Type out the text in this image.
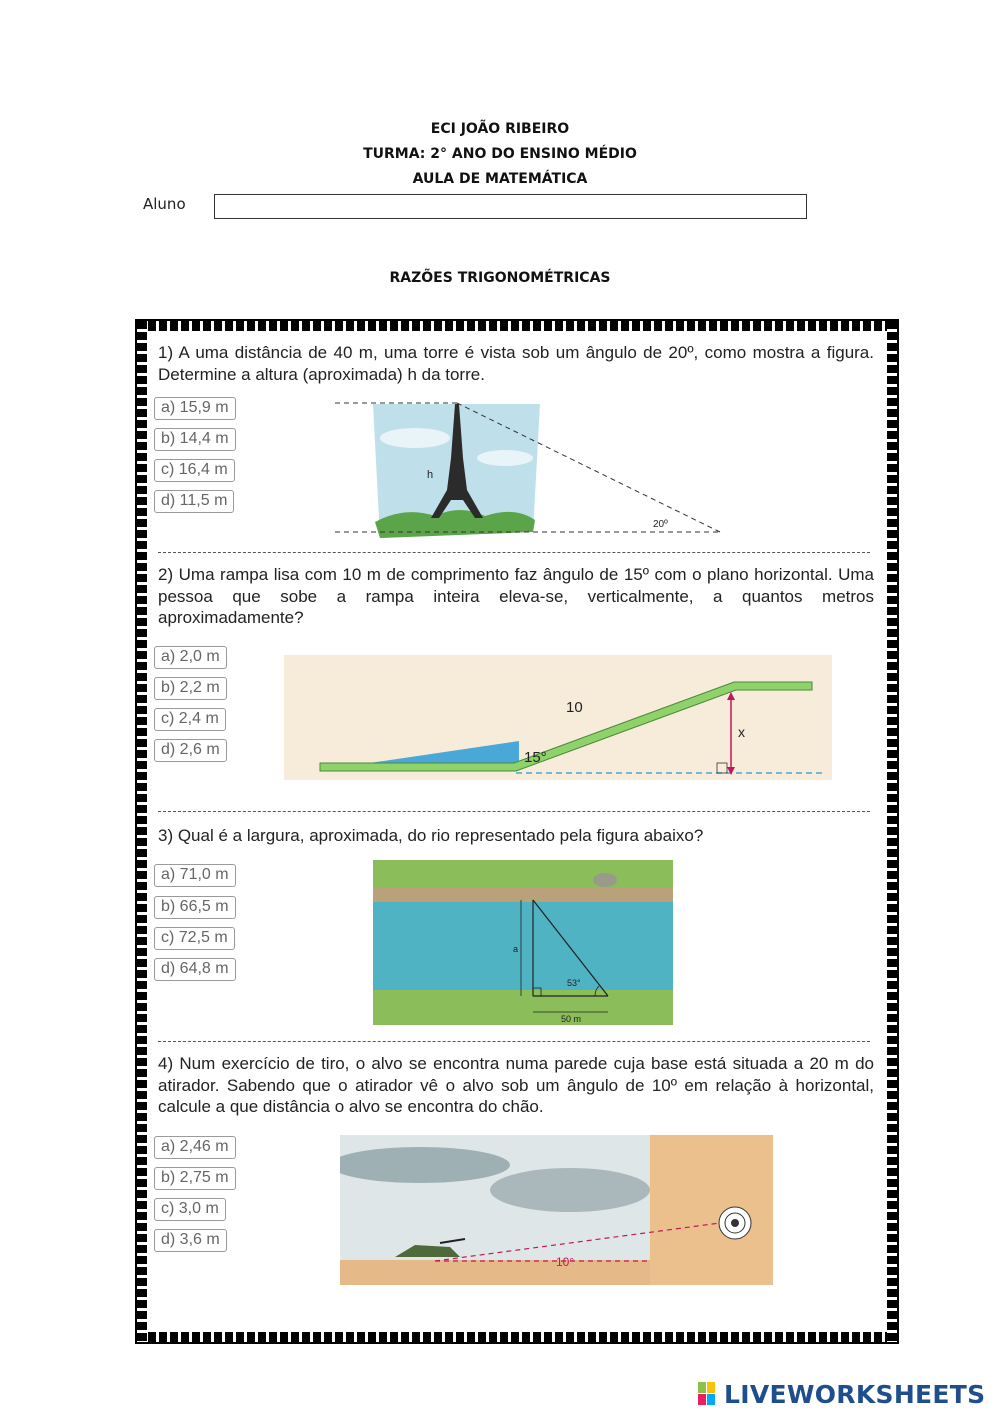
ECI JOÃO RIBEIRO
TURMA: 2° ANO DO ENSINO MÉDIO
AULA DE MATEMÁTICA
Aluno
RAZÕES TRIGONOMÉTRICAS
1) A uma distância de 40 m, uma torre é vista sob um ângulo de 20º, como mostra a figura. Determine a altura (aproximada) h da torre.
a) 15,9 m
b) 14,4 m
c) 16,4 m
d) 11,5 m
h
20º
2) Uma rampa lisa com 10 m de comprimento faz ângulo de 15º com o plano horizontal. Uma pessoa que sobe a rampa inteira eleva-se, verticalmente, a quantos metros aproximadamente?
a) 2,0 m
b) 2,2 m
c) 2,4 m
d) 2,6 m
10
15°
x
3) Qual é a largura, aproximada, do rio representado pela figura abaixo?
a) 71,0 m
b) 66,5 m
c) 72,5 m
d) 64,8 m
a
53°
50 m
4) Num exercício de tiro, o alvo se encontra numa parede cuja base está situada a 20 m do atirador. Sabendo que o atirador vê o alvo sob um ângulo de 10º em relação à horizontal, calcule a que distância o alvo se encontra do chão.
a) 2,46 m
b) 2,75 m
c) 3,0 m
d) 3,6 m
10°
LIVEWORKSHEETS
